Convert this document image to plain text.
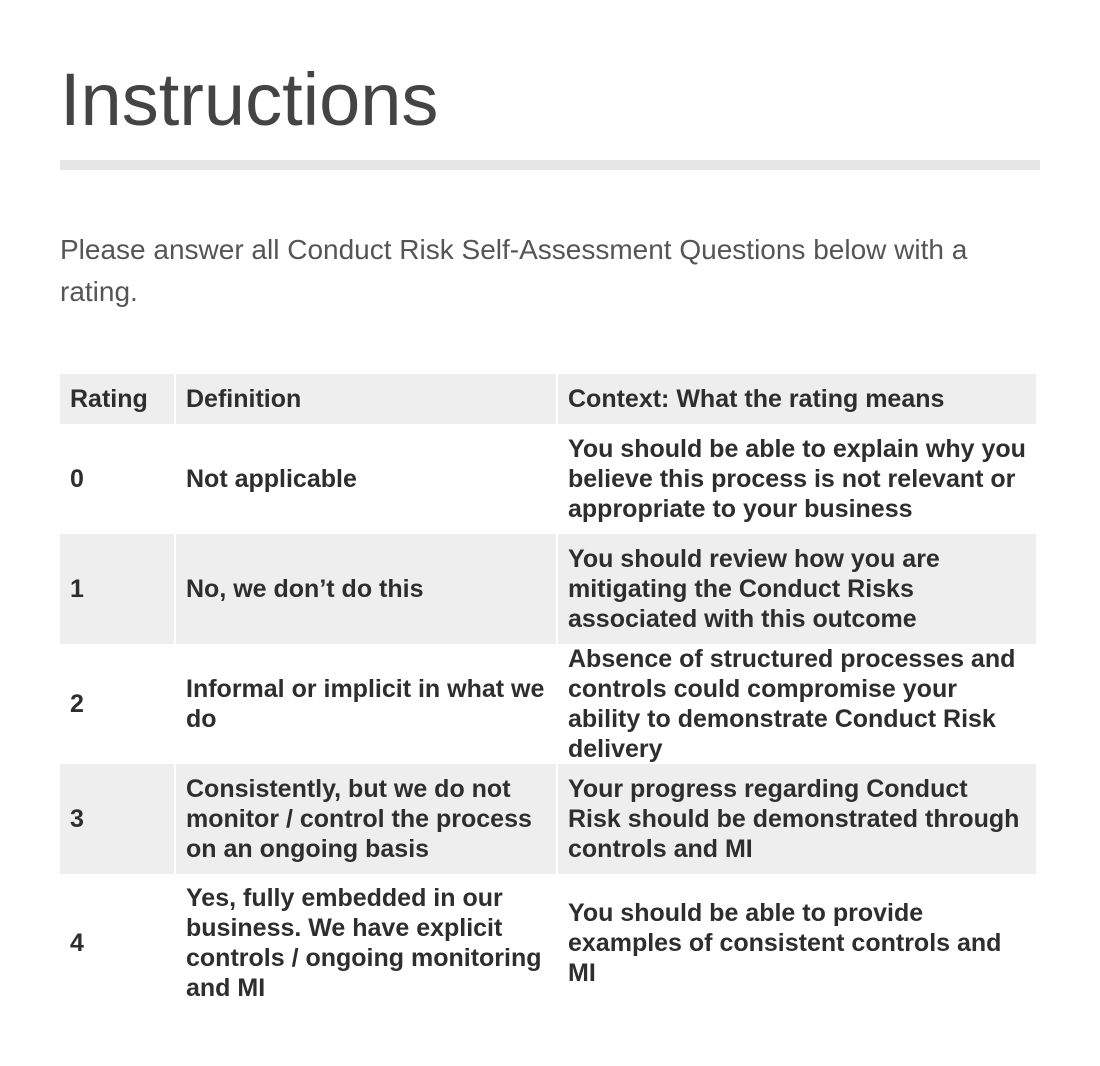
Instructions

Please answer all Conduct Risk Self-Assessment Questions below with a rating.

Rating	Definition	Context: What the rating means
0	Not applicable	You should be able to explain why you believe this process is not relevant or appropriate to your business
1	No, we don’t do this	You should review how you are mitigating the Conduct Risks associated with this outcome
2	Informal or implicit in what we do	Absence of structured processes and controls could compromise your ability to demonstrate Conduct Risk delivery
3	Consistently, but we do not monitor / control the process on an ongoing basis	Your progress regarding Conduct Risk should be demonstrated through controls and MI
4	Yes, fully embedded in our business. We have explicit controls / ongoing monitoring and MI	You should be able to provide examples of consistent controls and MI
